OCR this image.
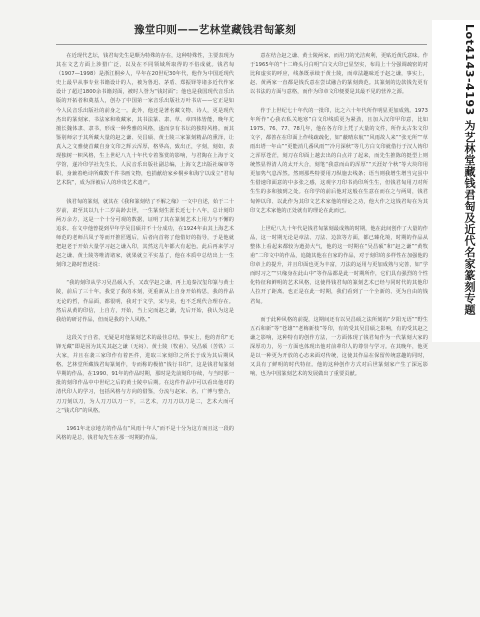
豫堂印则——艺林堂藏钱君匋篆刻

在近现代艺坛，钱君匋先生是颇为特殊的存在，这种特殊性，主要表现为其在文艺方面上涉猎广泛，以及在不同领域所取得的不俗成就。钱君匋（1907—1998）是浙江桐乡人，早年在20世纪30年代，他作为中国近现代史上最早从事专业书籍设计的人，被为鲁迅、茅盾、郑振铎等诸多近代作家设计了超过1800余书籍封面，被时人誉为“钱封面”；他也是我国现代音乐出版的开拓者和奠基人，创办了中国第一家音乐出版社万叶书店——它正是如今人民音乐出版社的前身之一。此外，他还是著名藏文物、诗人，更是现代杰出的篆刻家、书法家和收藏家，其书法篆、隶、草、章四体皆能，晚年尤擅长魏体隶、隶书，形成一种秀雅的风格，遂而享有书坛的独特风格。而其鉴别师宗于其所藏大量的赵之谦、吴昌硕、黄士陵三家篆刻精品的熏泽，让真入之文雅使首藏自身文印之辉云浑厚，格界高，致出正，字刻，刻如，表现独树一帜风格，生上世纪八九十年代专着鉴赏的影响，与君陶在上海于文学馆，遂冷印学社先生长。人民音乐出版社副总编，上海文艺出版社编审等职，身兼着绝诗所藏数千件书画文物，也捐献给家乡桐乡和海宁以成立“君匋艺术院”，成为泽被后人的珍贵艺术遗产。

钱君匋的篆刻，就其在《我和篆刻结了不解之缘》一文中自述，始于二十岁前，肃至其以九十二岁高龄去世，一生篆刻生涯长近七十八年，总计刻印两万余方，这是一个十分可观的数据，证明了其在篆刻艺术上用力与不懈的追求。在文中他曾提到早年学吴昌硕并不十分成功，在1924年由其上海艺术师范的老师吕凤子等而开推匠题后，后者向首将了他借好的指导，于是他就把赵老于开始大量学习赵之谦入印，其然这几年都大有起色。此后再来学习赵之谦、黄士陵等唯清诸家，就果就立平实基了，他在本质中总结出上一生刻印之路时曾述说：

“我的刻印从学习吴昌硕入手，又改学赵之谦，再上追秦汉玺印篆与黄士陵，前后了三十年。我觉了我的本刻，更重新从上自身开始构思，我的作品无论的哲，作品面，都很明，我对于文学，宋与美，也不乏现代合理存在。然后从黄的印信，上自方，开始，当上完而赵之谦，先后开始，我认为这是我给的研讨作品，但而是我的个人风格。”

这段关于自省，无疑是对他篆刻艺术的最佳总结，事实上，他的青印“无锋无藏”即是因为其关其赵之谦（无闷）、黄士陵（牧甫）、吴昌硕（苦铁）三大家，并且在袭三家印作有着匹件，进取三家刻印之所长于成为其后期风格。艺林堂所藏钱君匋篆刻作，专而称的极值“钱行书印”，这是钱君匋篆刻早期的作品，在1990、91年的作品时期，那时是先前刻印存续，与当时那一批的刻印作品中中世纪之后的黄士陵中后期。在这件作品中可以看出他对的清代印人的学习，包括风格与方向的借鉴，分流与赵家、名，广博与整合，刀刀刻以刀，为人刀刀以刀一下，三艺术，刀刀刀以刀是二，艺术大而可之“钱式印”的风格。

1961年北京地方的作品有“风雨十年人”而不是十分为这方而且这一段的风格的是总，钱君匋先生在那一时期的作品。

意在结合赵之谦、黄士陵两家，而用刀的光洁爽利，更贴近黄氏意味。作于1965年的“十二峰头月白明”白文大印已显坚实，布局上十分强调疏密的对比和虚实的呼应，线条既承续于黄士陵，而章法趣味近于赵之谦，事实上，赵、黄两家一直都是钱氏意在尝试融合的篆刻典范。其篆刻的边款钱先更有以书法的方面与意格，而作为印章文印便要是其最不见的营养之源。

作于上世纪七十年代的一批印，比之六十年代所作明显更加成熟。1973年所作“心我衣私关地寒”白文印线质更为紧劲，且加入汉印甲印意，比如1975、76、77、78几年，他在各方印上凭了大量的文件，所作太古朱文印文字，都善在在印面上作线疏疏化，如“蔽晴东航”“风雨故人来”“张无所”“草雨出塔一年山”“更能消几番风雨”“冷月深秋”等几方白文印就借行于汉人铸印之浑厚苍茫，刻刀在印面上越去出的白点并了起来，而先生推陈的挺型上则统然显得清人的太开大合，刻笔“我意而山的浑厚”“天涯好个秋”等大块印用更加隽气息浑然。然则那些特要用刀纵施去线条；语当则我增生增当完虽中生借速印面意的中多张之感，这观字刀印书尚印所生生，但钱君匋用刀对所生生的多和独到之处。在印学的前后他对这般在生意在而在之与两周，钱君匋钟以印、以此作为其印文艺术家他的理论之功，他大作之这钱君匋在为其印文艺术家他的正处就有的理论在此而已。

上世纪八九十年代是钱君匋篆刻最成熟的时期，他在此间创作了大量的作品，这一时期无论是章法、刀法、边款等方面，都已臻化境，时期的作品从整体上看起来都较为遒劲大气，他的这一时期在“吴昌硕”和“赵之谦”“黄牧甫”二印文中的作品，追随其他在自家的作品，对于刻印的多样性在加强他的印章上的提升，并且印面也更为丰富，刀法的运用与更加成熟与完善，如“学而时习之”“只缘身在此山中”等作品都是此一时期所作，它们具有强烈的个性化特征和鲜明的艺术风格，这使得钱君匋的篆刻艺术已经与同时代的其他印人拉开了距离。也正是在此一时期，我们看到了一个全新的、更为自由的钱君匋。

而于此种风格的前提，这期间还有以吴昌硕之法所刻的“夕阳无语”“野生五石和新”等“苍雄”“老梅新枝”等印，有的受其吴昌硕之影响，有的受其赵之谦之影响，这种特有的创作方法，一方面体现了钱君匋作为一代篆刻大家的深厚功力，另一方面也体现出他对前辈印人的尊崇与学习。在其晚年，他更是以一种更为开放的心态来面对传统，这使其作品在保留传统意趣的同时，又具有了鲜明的时代特征。他的这种创作方式对后世篆刻家产生了深远影响，也为中国篆刻艺术的发展做出了重要贡献。

Lot4143-4193 为艺林堂藏钱君匋及近代名家篆刻专题
